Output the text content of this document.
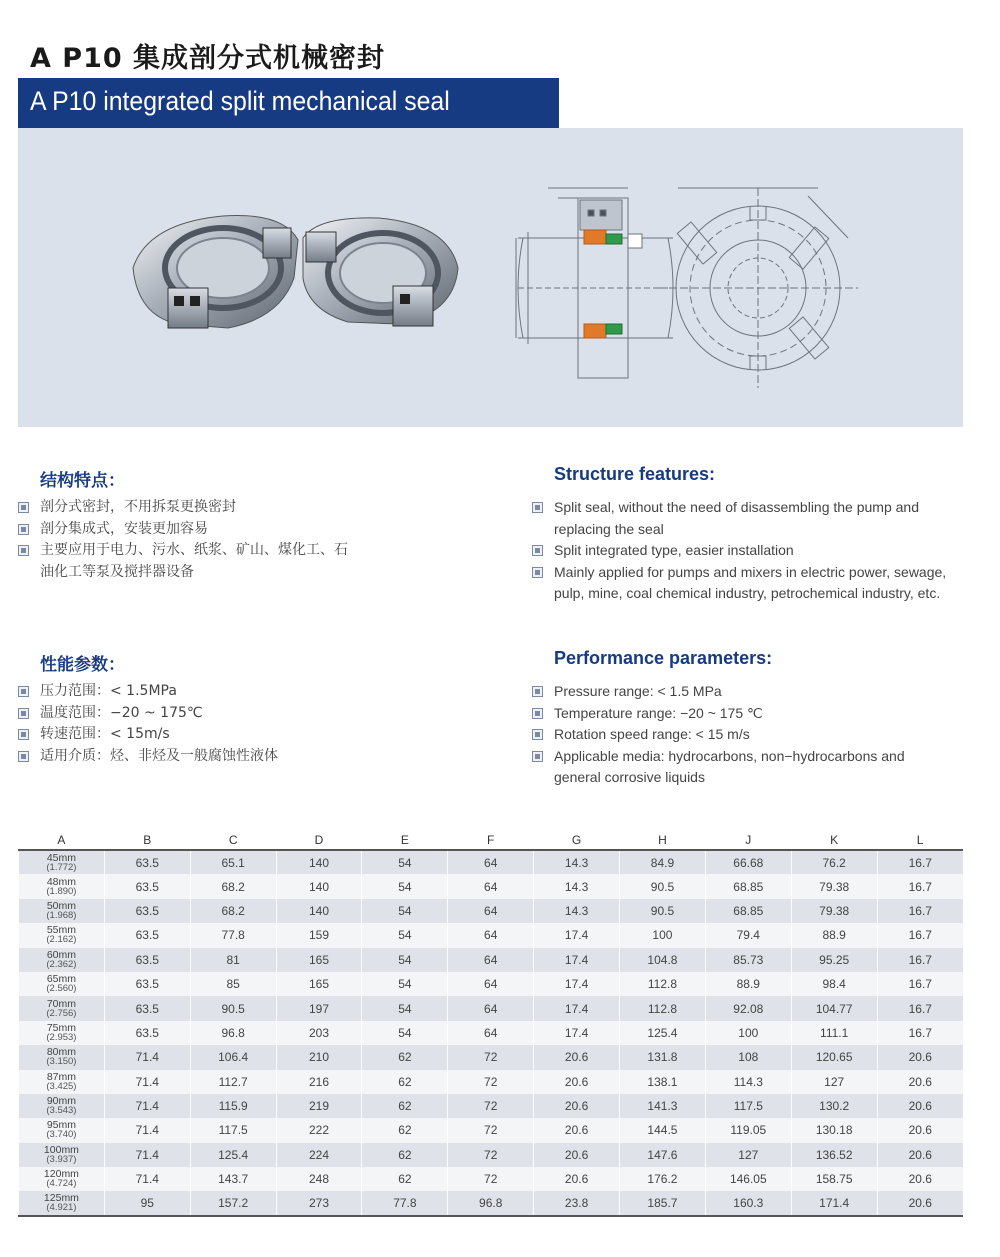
A P10 集成剖分式机械密封
A P10 integrated split mechanical seal
结构特点：
剖分式密封，不用拆泵更换密封
剖分集成式，安装更加容易
主要应用于电力、污水、纸浆、矿山、煤化工、石油化工等泵及搅拌器设备
Structure features:
Split seal, without the need of disassembling the pump and replacing the seal
Split integrated type, easier installation
Mainly applied for pumps and mixers in electric power, sewage, pulp, mine, coal chemical industry, petrochemical industry, etc.
性能参数：
压力范围：< 1.5MPa
温度范围：−20 ~ 175℃
转速范围：< 15m/s
适用介质：烃、非烃及一般腐蚀性液体
Performance parameters:
Pressure range: < 1.5 MPa
Temperature range: −20 ~ 175 ℃
Rotation speed range: < 15 m/s
Applicable media: hydrocarbons, non−hydrocarbons and general corrosive liquids
A	B	C	D	E	F	G	H	J	K	L

45mm
(1.772)	63.5	65.1	140	54	64	14.3	84.9	66.68	76.2	16.7

48mm
(1.890)	63.5	68.2	140	54	64	14.3	90.5	68.85	79.38	16.7

50mm
(1.968)	63.5	68.2	140	54	64	14.3	90.5	68.85	79.38	16.7

55mm
(2.162)	63.5	77.8	159	54	64	17.4	100	79.4	88.9	16.7

60mm
(2.362)	63.5	81	165	54	64	17.4	104.8	85.73	95.25	16.7

65mm
(2.560)	63.5	85	165	54	64	17.4	112.8	88.9	98.4	16.7

70mm
(2.756)	63.5	90.5	197	54	64	17.4	112.8	92.08	104.77	16.7

75mm
(2.953)	63.5	96.8	203	54	64	17.4	125.4	100	111.1	16.7

80mm
(3.150)	71.4	106.4	210	62	72	20.6	131.8	108	120.65	20.6

87mm
(3.425)	71.4	112.7	216	62	72	20.6	138.1	114.3	127	20.6

90mm
(3.543)	71.4	115.9	219	62	72	20.6	141.3	117.5	130.2	20.6

95mm
(3.740)	71.4	117.5	222	62	72	20.6	144.5	119.05	130.18	20.6

100mm
(3.937)	71.4	125.4	224	62	72	20.6	147.6	127	136.52	20.6

120mm
(4.724)	71.4	143.7	248	62	72	20.6	176.2	146.05	158.75	20.6

125mm
(4.921)	95	157.2	273	77.8	96.8	23.8	185.7	160.3	171.4	20.6
